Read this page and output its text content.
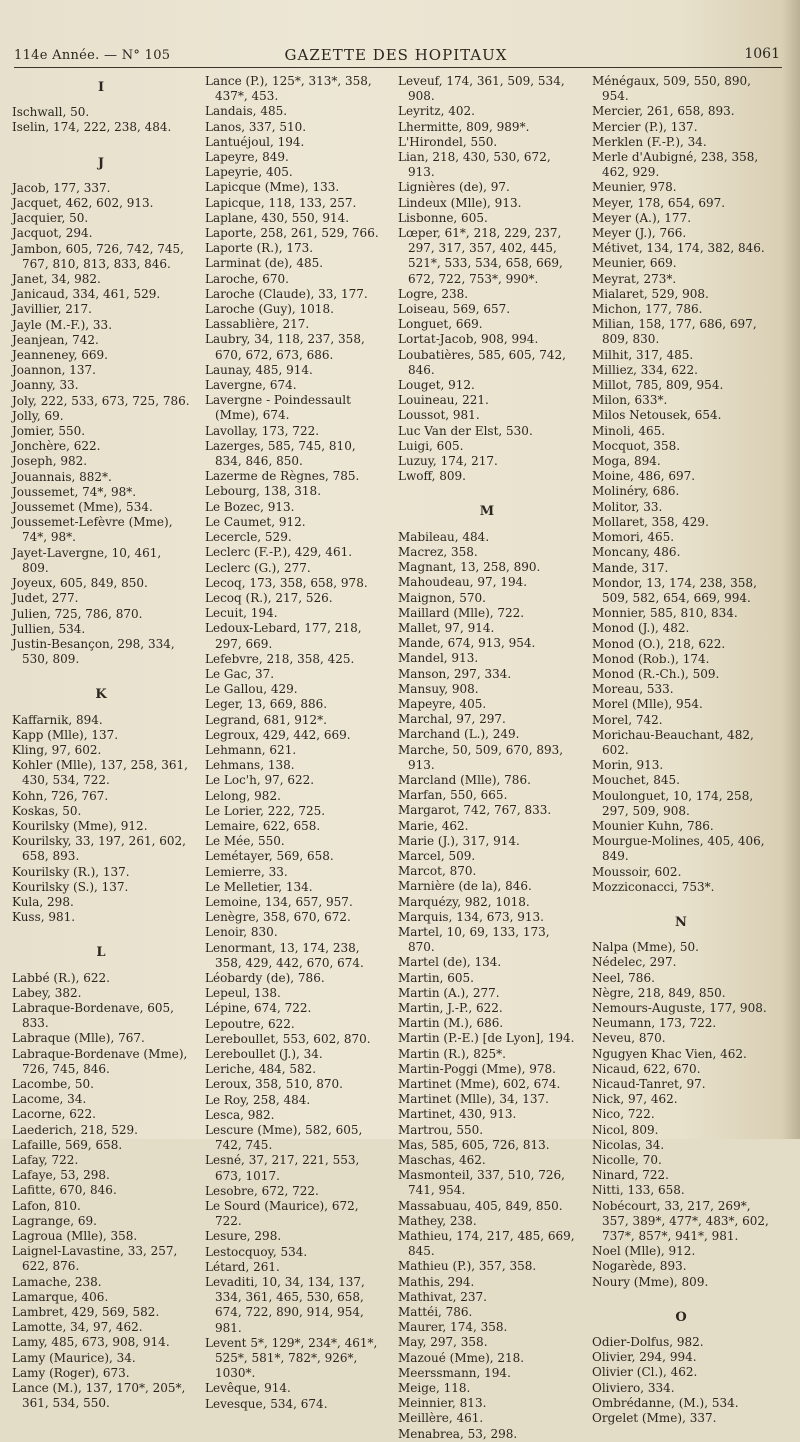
114e Année. — N° 105	GAZETTE DES HOPITAUX	1061
I

Ischwall, 50.

Iselin, 174, 222, 238, 484.

J

Jacob, 177, 337.

Jacquet, 462, 602, 913.

Jacquier, 50.

Jacquot, 294.

Jambon, 605, 726, 742, 745, 767, 810, 813, 833, 846.

Janet, 34, 982.

Janicaud, 334, 461, 529.

Javillier, 217.

Jayle (M.-F.), 33.

Jeanjean, 742.

Jeanneney, 669.

Joannon, 137.

Joanny, 33.

Joly, 222, 533, 673, 725, 786.

Jolly, 69.

Jomier, 550.

Jonchère, 622.

Joseph, 982.

Jouannais, 882*.

Joussemet, 74*, 98*.

Joussemet (Mme), 534.

Joussemet-Lefèvre (Mme), 74*, 98*.

Jayet-Lavergne, 10, 461, 809.

Joyeux, 605, 849, 850.

Judet, 277.

Julien, 725, 786, 870.

Jullien, 534.

Justin-Besançon, 298, 334, 530, 809.

K

Kaffarnik, 894.

Kapp (Mlle), 137.

Kling, 97, 602.

Kohler (Mlle), 137, 258, 361, 430, 534, 722.

Kohn, 726, 767.

Koskas, 50.

Kourilsky (Mme), 912.

Kourilsky, 33, 197, 261, 602, 658, 893.

Kourilsky (R.), 137.

Kourilsky (S.), 137.

Kula, 298.

Kuss, 981.

L

Labbé (R.), 622.

Labey, 382.

Labraque-Bordenave, 605, 833.

Labraque (Mlle), 767.

Labraque-Bordenave (Mme), 726, 745, 846.

Lacombe, 50.

Lacome, 34.

Lacorne, 622.

Laederich, 218, 529.

Lafaille, 569, 658.

Lafay, 722.

Lafaye, 53, 298.

Lafitte, 670, 846.

Lafon, 810.

Lagrange, 69.

Lagroua (Mlle), 358.

Laignel-Lavastine, 33, 257, 622, 876.

Lamache, 238.

Lamarque, 406.

Lambret, 429, 569, 582.

Lamotte, 34, 97, 462.

Lamy, 485, 673, 908, 914.

Lamy (Maurice), 34.

Lamy (Roger), 673.

Lance (M.), 137, 170*, 205*, 361, 534, 550.

Lance (P.), 125*, 313*, 358, 437*, 453.

Landais, 485.

Lanos, 337, 510.

Lantuéjoul, 194.

Lapeyre, 849.

Lapeyrie, 405.

Lapicque (Mme), 133.

Lapicque, 118, 133, 257.

Laplane, 430, 550, 914.

Laporte, 258, 261, 529, 766.

Laporte (R.), 173.

Larminat (de), 485.

Laroche, 670.

Laroche (Claude), 33, 177.

Laroche (Guy), 1018.

Lassablière, 217.

Laubry, 34, 118, 237, 358, 670, 672, 673, 686.

Launay, 485, 914.

Lavergne, 674.

Lavergne - Poindessault (Mme), 674.

Lavollay, 173, 722.

Lazerges, 585, 745, 810, 834, 846, 850.

Lazerme de Règnes, 785.

Lebourg, 138, 318.

Le Bozec, 913.

Le Caumet, 912.

Lecercle, 529.

Leclerc (F.-P.), 429, 461.

Leclerc (G.), 277.

Lecoq, 173, 358, 658, 978.

Lecoq (R.), 217, 526.

Lecuit, 194.

Ledoux-Lebard, 177, 218, 297, 669.

Lefebvre, 218, 358, 425.

Le Gac, 37.

Le Gallou, 429.

Leger, 13, 669, 886.

Legrand, 681, 912*.

Legroux, 429, 442, 669.

Lehmann, 621.

Lehmans, 138.

Le Loc'h, 97, 622.

Lelong, 982.

Le Lorier, 222, 725.

Lemaire, 622, 658.

Le Mée, 550.

Lemétayer, 569, 658.

Lemierre, 33.

Le Melletier, 134.

Lemoine, 134, 657, 957.

Lenègre, 358, 670, 672.

Lenoir, 830.

Lenormant, 13, 174, 238, 358, 429, 442, 670, 674.

Léobardy (de), 786.

Lepeul, 138.

Lépine, 674, 722.

Lepoutre, 622.

Lereboullet, 553, 602, 870.

Lereboullet (J.), 34.

Leriche, 484, 582.

Leroux, 358, 510, 870.

Le Roy, 258, 484.

Lesca, 982.

Lescure (Mme), 582, 605, 742, 745.

Lesné, 37, 217, 221, 553, 673, 1017.

Lesobre, 672, 722.

Le Sourd (Maurice), 672, 722.

Lesure, 298.

Lestocquoy, 534.

Létard, 261.

Levaditi, 10, 34, 134, 137, 334, 361, 465, 530, 658, 674, 722, 890, 914, 954, 981.

Levent 5*, 129*, 234*, 461*, 525*, 581*, 782*, 926*, 1030*.

Levêque, 914.

Levesque, 534, 674.

Leveuf, 174, 361, 509, 534, 908.

Leyritz, 402.

Lhermitte, 809, 989*.

L'Hirondel, 550.

Lian, 218, 430, 530, 672, 913.

Lignières (de), 97.

Lindeux (Mlle), 913.

Lisbonne, 605.

Lœper, 61*, 218, 229, 237, 297, 317, 357, 402, 445, 521*, 533, 534, 658, 669, 672, 722, 753*, 990*.

Logre, 238.

Loiseau, 569, 657.

Longuet, 669.

Lortat-Jacob, 908, 994.

Loubatières, 585, 605, 742, 846.

Louget, 912.

Louineau, 221.

Loussot, 981.

Luc Van der Elst, 530.

Luigi, 605.

Luzuy, 174, 217.

Lwoff, 809.

M

Mabileau, 484.

Macrez, 358.

Magnant, 13, 258, 890.

Mahoudeau, 97, 194.

Maignon, 570.

Maillard (Mlle), 722.

Mallet, 97, 914.

Mande, 674, 913, 954.

Mandel, 913.

Manson, 297, 334.

Mansuy, 908.

Mapeyre, 405.

Marchal, 97, 297.

Marchand (L.), 249.

Marche, 50, 509, 670, 893, 913.

Marcland (Mlle), 786.

Marfan, 550, 665.

Margarot, 742, 767, 833.

Marie, 462.

Marie (J.), 317, 914.

Marcel, 509.

Marcot, 870.

Marnière (de la), 846.

Marquézy, 982, 1018.

Marquis, 134, 673, 913.

Martel, 10, 69, 133, 173, 870.

Martel (de), 134.

Martin, 605.

Martin (A.), 277.

Martin, J.-P., 622.

Martin (M.), 686.

Martin (P.-E.) [de Lyon], 194.

Martin (R.), 825*.

Martin-Poggi (Mme), 978.

Martinet (Mme), 602, 674.

Martinet (Mlle), 34, 137.

Martinet, 430, 913.

Martrou, 550.

Mas, 585, 605, 726, 813.

Maschas, 462.

Masmonteil, 337, 510, 726, 741, 954.

Massabuau, 405, 849, 850.

Mathey, 238.

Mathieu, 174, 217, 485, 669, 845.

Mathieu (P.), 357, 358.

Mathis, 294.

Mathivat, 237.

Mattéi, 786.

Maurer, 174, 358.

May, 297, 358.

Mazoué (Mme), 218.

Meerssmann, 194.

Meige, 118.

Meinnier, 813.

Meillère, 461.

Menabrea, 53, 298.

Ménégaux, 509, 550, 890, 954.

Mercier, 261, 658, 893.

Mercier (P.), 137.

Merklen (F.-P.), 34.

Merle d'Aubigné, 238, 358, 462, 929.

Meunier, 978.

Meyer, 178, 654, 697.

Meyer (A.), 177.

Meyer (J.), 766.

Métivet, 134, 174, 382, 846.

Meunier, 669.

Meyrat, 273*.

Mialaret, 529, 908.

Michon, 177, 786.

Milian, 158, 177, 686, 697, 809, 830.

Milhit, 317, 485.

Milliez, 334, 622.

Millot, 785, 809, 954.

Milon, 633*.

Milos Netousek, 654.

Minoli, 465.

Mocquot, 358.

Moga, 894.

Moine, 486, 697.

Molinéry, 686.

Molitor, 33.

Mollaret, 358, 429.

Momori, 465.

Moncany, 486.

Mande, 317.

Mondor, 13, 174, 238, 358, 509, 582, 654, 669, 994.

Monnier, 585, 810, 834.

Monod (J.), 482.

Monod (O.), 218, 622.

Monod (Rob.), 174.

Monod (R.-Ch.), 509.

Moreau, 533.

Morel (Mlle), 954.

Morel, 742.

Morichau-Beauchant, 482, 602.

Morin, 913.

Mouchet, 845.

Moulonguet, 10, 174, 258, 297, 509, 908.

Mounier Kuhn, 786.

Mourgue-Molines, 405, 406, 849.

Moussoir, 602.

Mozziconacci, 753*.

N

Nalpa (Mme), 50.

Nédelec, 297.

Neel, 786.

Nègre, 218, 849, 850.

Nemours-Auguste, 177, 908.

Neumann, 173, 722.

Neveu, 870.

Ngugyen Khac Vien, 462.

Nicaud, 622, 670.

Nicaud-Tanret, 97.

Nick, 97, 462.

Nico, 722.

Nicol, 809.

Nicolas, 34.

Nicolle, 70.

Ninard, 722.

Nitti, 133, 658.

Nobécourt, 33, 217, 269*, 357, 389*, 477*, 483*, 602, 737*, 857*, 941*, 981.

Noel (Mlle), 912.

Nogarède, 893.

Noury (Mme), 809.

O

Odier-Dolfus, 982.

Olivier, 294, 994.

Olivier (Cl.), 462.

Oliviero, 334.

Ombrédanne, (M.), 534.

Orgelet (Mme), 337.
